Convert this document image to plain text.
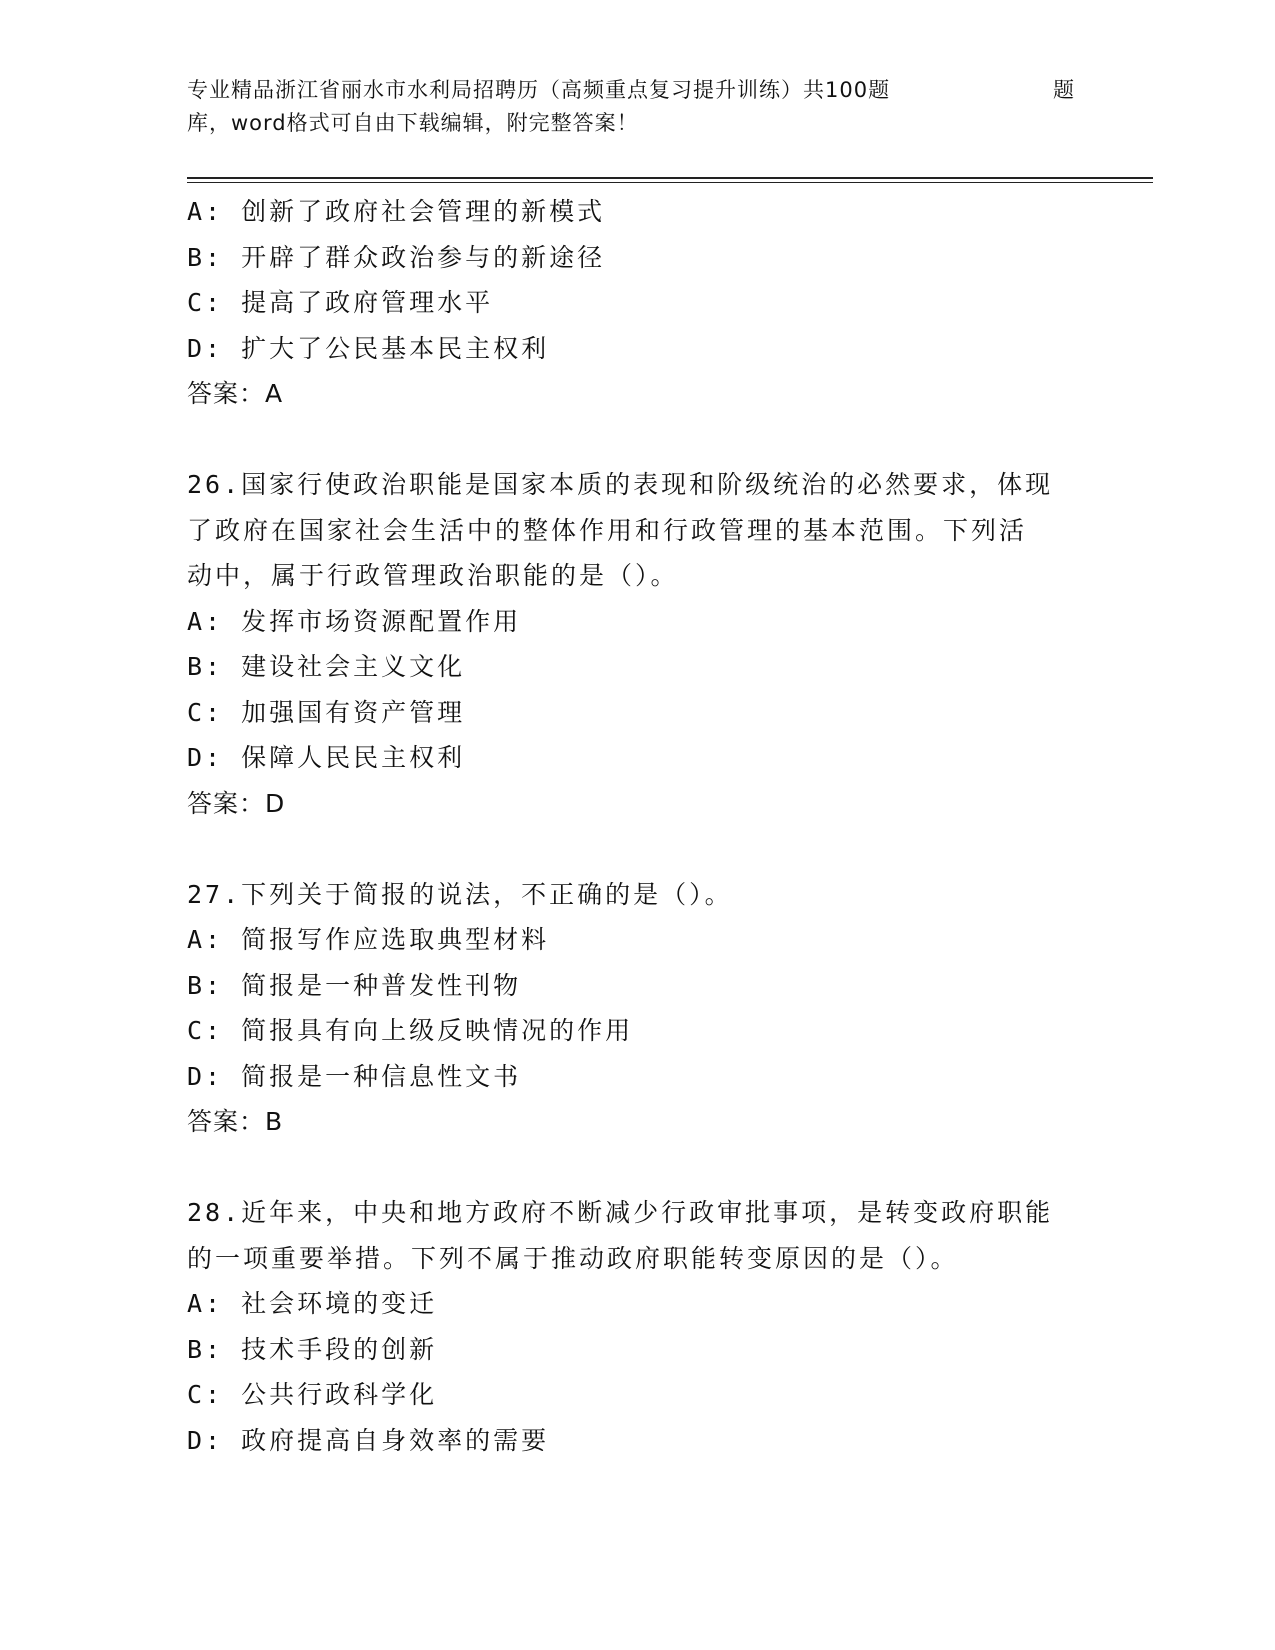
专业精品浙江省丽水市水利局招聘历（高频重点复习提升训练）共100题
库，word格式可自由下载编辑，附完整答案！
题
A: 创新了政府社会管理的新模式
B: 开辟了群众政治参与的新途径
C: 提高了政府管理水平
D: 扩大了公民基本民主权利
答案：A
26.国家行使政治职能是国家本质的表现和阶级统治的必然要求，体现
了政府在国家社会生活中的整体作用和行政管理的基本范围。下列活
动中，属于行政管理政治职能的是（）。
A: 发挥市场资源配置作用
B: 建设社会主义文化
C: 加强国有资产管理
D: 保障人民民主权利
答案：D
27.下列关于简报的说法，不正确的是（）。
A: 简报写作应选取典型材料
B: 简报是一种普发性刊物
C: 简报具有向上级反映情况的作用
D: 简报是一种信息性文书
答案：B
28.近年来，中央和地方政府不断减少行政审批事项，是转变政府职能
的一项重要举措。下列不属于推动政府职能转变原因的是（）。
A: 社会环境的变迁
B: 技术手段的创新
C: 公共行政科学化
D: 政府提高自身效率的需要
